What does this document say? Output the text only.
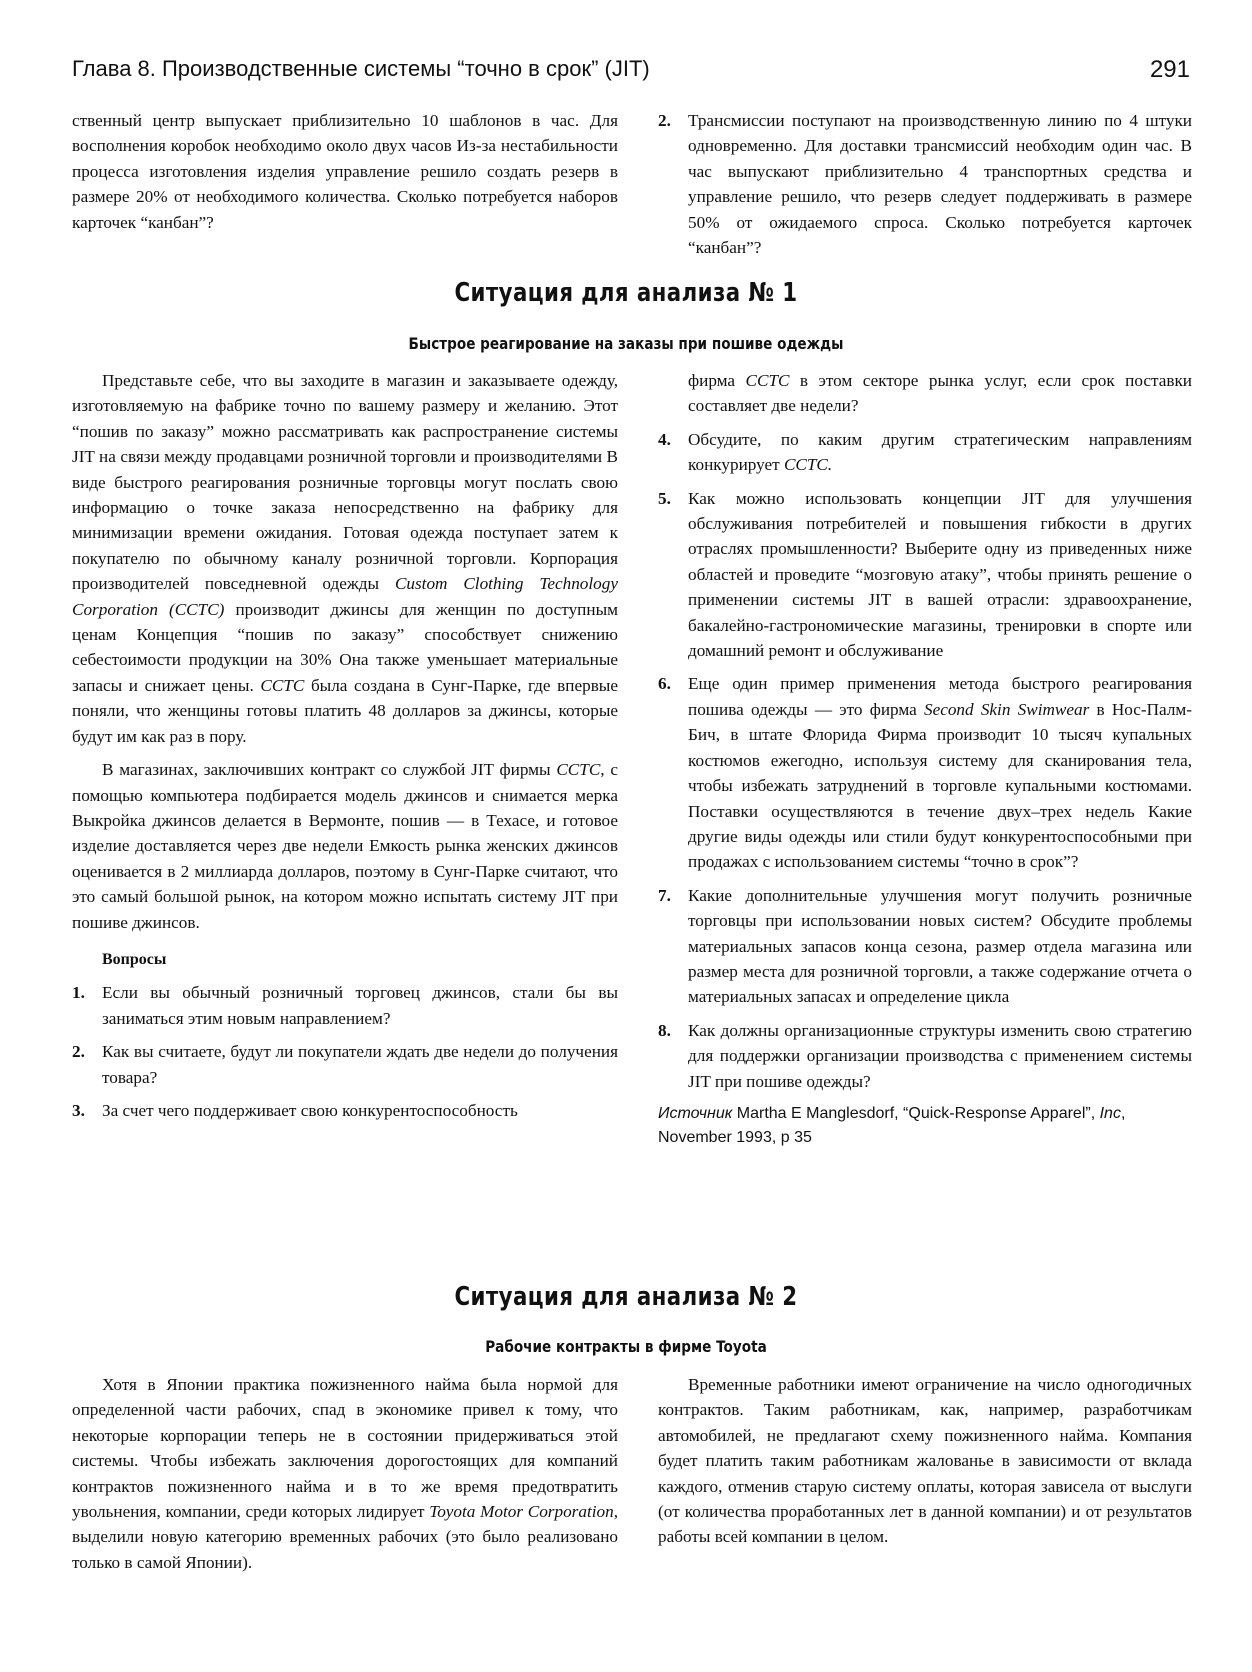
Глава 8. Производственные системы “точно в срок” (JIT)	291

ственный центр выпускает приблизительно 10 шаблонов в час. Для восполнения коробок необходимо около двух часов Из-за нестабильности процесса изготовления изделия управление решило создать резерв в размере 20% от необходимого количества. Сколько потребуется наборов карточек “канбан”?

2. Трансмиссии поступают на производственную линию по 4 штуки одновременно. Для доставки трансмиссий необходим один час. В час выпускают приблизительно 4 транспортных средства и управление решило, что резерв следует поддерживать в размере 50% от ожидаемого спроса. Сколько потребуется карточек “канбан”?
Ситуация для анализа № 1
Быстрое реагирование на заказы при пошиве одежды

Представьте себе, что вы заходите в магазин и заказываете одежду, изготовляемую на фабрике точно по вашему размеру и желанию. Этот “пошив по заказу” можно рассматривать как распространение системы JIT на связи между продавцами розничной торговли и производителями В виде быстрого реагирования розничные торговцы могут послать свою информацию о точке заказа непосредственно на фабрику для минимизации времени ожидания. Готовая одежда поступает затем к покупателю по обычному каналу розничной торговли. Корпорация производителей повседневной одежды Custom Clothing Technology Corporation (CCTC) производит джинсы для женщин по доступным ценам Концепция “пошив по заказу” способствует снижению себестоимости продукции на 30% Она также уменьшает материальные запасы и снижает цены. CCTC была создана в Сунг-Парке, где впервые поняли, что женщины готовы платить 48 долларов за джинсы, которые будут им как раз в пору.

В магазинах, заключивших контракт со службой JIT фирмы CCTC, с помощью компьютера подбирается модель джинсов и снимается мерка Выкройка джинсов делается в Вермонте, пошив — в Техасе, и готовое изделие доставляется через две недели Емкость рынка женских джинсов оценивается в 2 миллиарда долларов, поэтому в Сунг-Парке считают, что это самый большой рынок, на котором можно испытать систему JIT при пошиве джинсов.

Вопросы
1. Если вы обычный розничный торговец джинсов, стали бы вы заниматься этим новым направлением?
2. Как вы считаете, будут ли покупатели ждать две недели до получения товара?
3. За счет чего поддерживает свою конкурентоспособность
фирма CCTC в этом секторе рынка услуг, если срок поставки составляет две недели?
4. Обсудите, по каким другим стратегическим направлениям конкурирует CCTC.
5. Как можно использовать концепции JIT для улучшения обслуживания потребителей и повышения гибкости в других отраслях промышленности? Выберите одну из приведенных ниже областей и проведите “мозговую атаку”, чтобы принять решение о применении системы JIT в вашей отрасли: здравоохранение, бакалейно-гастрономические магазины, тренировки в спорте или домашний ремонт и обслуживание
6. Еще один пример применения метода быстрого реагирования пошива одежды — это фирма Second Skin Swimwear в Нос-Палм-Бич, в штате Флорида Фирма производит 10 тысяч купальных костюмов ежегодно, используя систему для сканирования тела, чтобы избежать затруднений в торговле купальными костюмами. Поставки осуществляются в течение двух–трех недель Какие другие виды одежды или стили будут конкурентоспособными при продажах с использованием системы “точно в срок”?
7. Какие дополнительные улучшения могут получить розничные торговцы при использовании новых систем? Обсудите проблемы материальных запасов конца сезона, размер отдела магазина или размер места для розничной торговли, а также содержание отчета о материальных запасах и определение цикла
8. Как должны организационные структуры изменить свою стратегию для поддержки организации производства с применением системы JIT при пошиве одежды?
Источник Martha E Manglesdorf, “Quick-Response Apparel”, Inc, November 1993, p 35
Ситуация для анализа № 2
Рабочие контракты в фирме Toyota

Хотя в Японии практика пожизненного найма была нормой для определенной части рабочих, спад в экономике привел к тому, что некоторые корпорации теперь не в состоянии придерживаться этой системы. Чтобы избежать заключения дорогостоящих для компаний контрактов пожизненного найма и в то же время предотвратить увольнения, компании, среди которых лидирует Toyota Motor Corporation, выделили новую категорию временных рабочих (это было реализовано только в самой Японии).

Временные работники имеют ограничение на число одногодичных контрактов. Таким работникам, как, например, разработчикам автомобилей, не предлагают схему пожизненного найма. Компания будет платить таким работникам жалованье в зависимости от вклада каждого, отменив старую систему оплаты, которая зависела от выслуги (от количества проработанных лет в данной компании) и от результатов работы всей компании в целом.
